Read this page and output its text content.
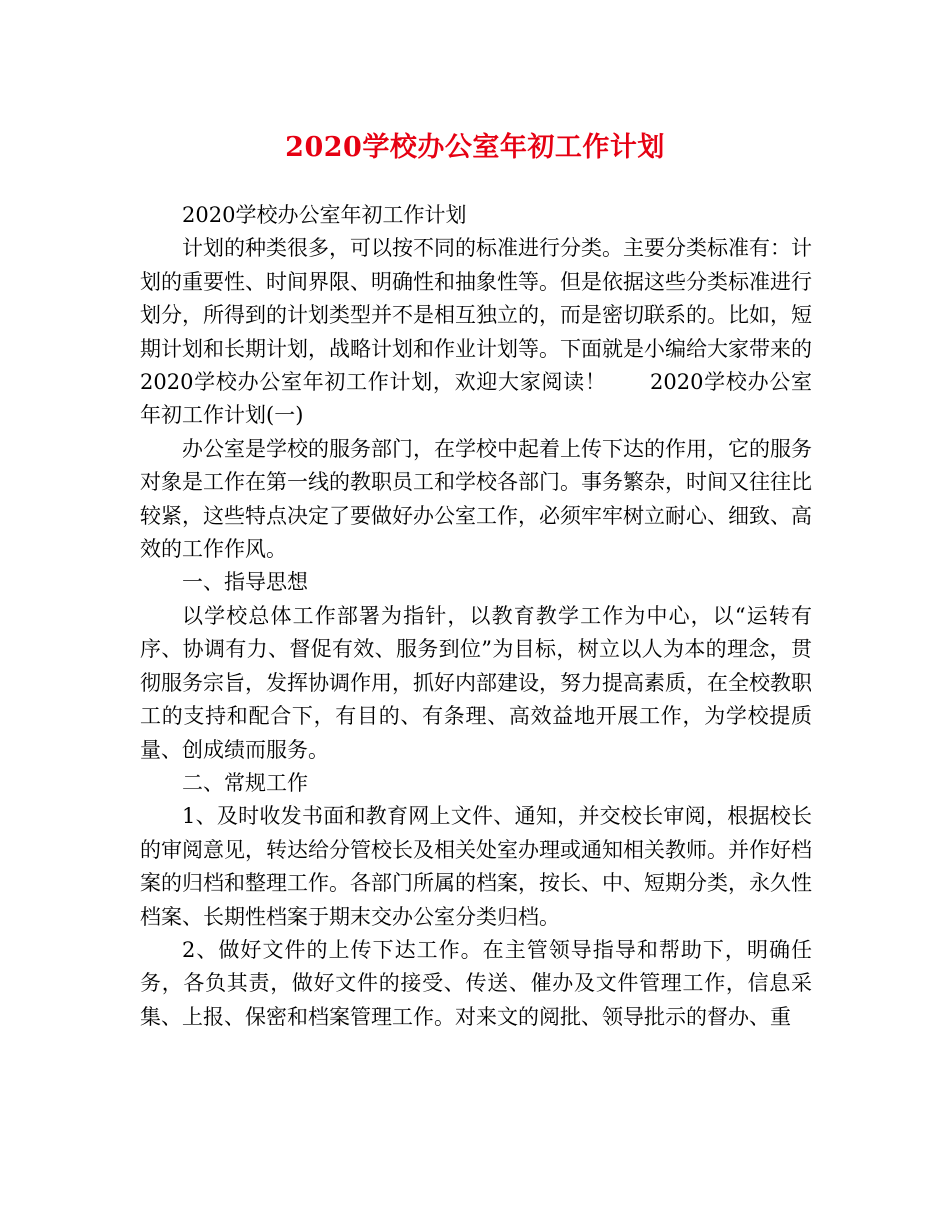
2020学校办公室年初工作计划

2020学校办公室年初工作计划

计划的种类很多，可以按不同的标准进行分类。主要分类标准有：计划的重要性、时间界限、明确性和抽象性等。但是依据这些分类标准进行划分，所得到的计划类型并不是相互独立的，而是密切联系的。比如，短期计划和长期计划，战略计划和作业计划等。下面就是小编给大家带来的2020学校办公室年初工作计划，欢迎大家阅读！　　2020学校办公室年初工作计划(一)

办公室是学校的服务部门，在学校中起着上传下达的作用，它的服务对象是工作在第一线的教职员工和学校各部门。事务繁杂，时间又往往比较紧，这些特点决定了要做好办公室工作，必须牢牢树立耐心、细致、高效的工作作风。

一、指导思想

以学校总体工作部署为指针，以教育教学工作为中心，以“运转有序、协调有力、督促有效、服务到位”为目标，树立以人为本的理念，贯彻服务宗旨，发挥协调作用，抓好内部建设，努力提高素质，在全校教职工的支持和配合下，有目的、有条理、高效益地开展工作，为学校提质量、创成绩而服务。

二、常规工作

1、及时收发书面和教育网上文件、通知，并交校长审阅，根据校长的审阅意见，转达给分管校长及相关处室办理或通知相关教师。并作好档案的归档和整理工作。各部门所属的档案，按长、中、短期分类，永久性档案、长期性档案于期末交办公室分类归档。

2、做好文件的上传下达工作。在主管领导指导和帮助下，明确任务，各负其责，做好文件的接受、传送、催办及文件管理工作，信息采集、上报、保密和档案管理工作。对来文的阅批、领导批示的督办、重
